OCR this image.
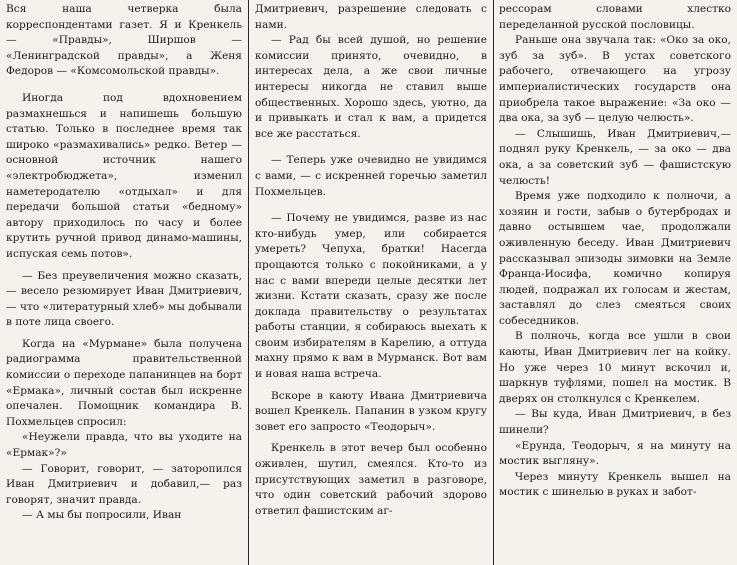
Вся наша четверка была корреспондентами газет. Я и Кренкель — «Правды», Ширшов — «Ленинградской правды», а Женя Федоров — «Комсомольской правды».

Иногда под вдохновением размахнешься и напишешь большую статью. Только в последнее время так широко «размахивались» редко. Ветер — основной источник нашего «электробюджета», изменил наметеродателю «отдыхал» и для передачи большой статьи «бедному» автору приходилось по часу и более крутить ручной привод динамо-машины, испуская семь потов».

— Без преувеличения можно сказать, — весело резюмирует Иван Дмитриевич, — что «литературный хлеб» мы добывали в поте лица своего.

Когда на «Мурмане» была получена радиограмма правительственной комиссии о переходе папанинцев на борт «Ермака», личный состав был искренне опечален. Помощник командира В. Похмельцев спросил:

«Неужели правда, что вы уходите на «Ермак»?»

— Говорит, говорит, — заторопился Иван Дмитриевич и добавил,— раз говорят, значит правда.

— А мы бы попросили, Иван

Дмитриевич, разрешение следовать с нами.

— Рад бы всей душой, но решение комиссии принято, очевидно, в интересах дела, а же свои личные интересы никогда не ставил выше общественных. Хорошо здесь, уютно, да и привыкать и стал к вам, а придется все же расстаться.

— Теперь уже очевидно не увидимся с вами, — с искренней горечью заметил Похмельцев.

— Почему не увидимся, разве из нас кто-нибудь умер, или собирается умереть? Чепуха, братки! Насегда прощаются только с покойниками, а у нас с вами впереди целые десятки лет жизни. Кстати сказать, сразу же после доклада правительству о результатах работы станции, я собираюсь выехать к своим избирателям в Карелию, а оттуда махну прямо к вам в Мурманск. Вот вам и новая наша встреча.

Вскоре в каюту Ивана Дмитриевича вошел Кренкель. Папанин в узком кругу зовет его запросто «Теодорыч».

Кренкель в этот вечер был особенно оживлен, шутил, смеялся. Кто-то из присутствующих заметил в разговоре, что один советский рабочий здорово ответил фашистским аг-

рессорам словами хлестко переделанной русской пословицы.

Раньше она звучала так: «Око за око, зуб за зуб». В устах советского рабочего, отвечающего на угрозу империалистических государств она приобрела такое выражение: «За око — два ока, за зуб — целую челюсть».

— Слышишь, Иван Дмитриевич,— поднял руку Кренкель, — за око — два ока, а за советский зуб — фашистскую челюсть!

Время уже подходило к полночи, а хозяин и гости, забыв о бутербродах и давно остывшем чае, продолжали оживленную беседу. Иван Дмитриевич рассказывал эпизоды зимовки на Земле Франца-Иосифа, комично копируя людей, подражал их голосам и жестам, заставлял до слез смеяться своих собеседников.

В полночь, когда все ушли в свои каюты, Иван Дмитриевич лег на койку. Но уже через 10 минут вскочил и, шаркнув туфлями, пошел на мостик. В дверях он столкнулся с Кренкелем.

— Вы куда, Иван Дмитриевич, в без шинели?

«Ерунда, Теодорыч, я на минуту на мостик выгляну».

Через минуту Кренкель вышел на мостик с шинелью в руках и забот-
